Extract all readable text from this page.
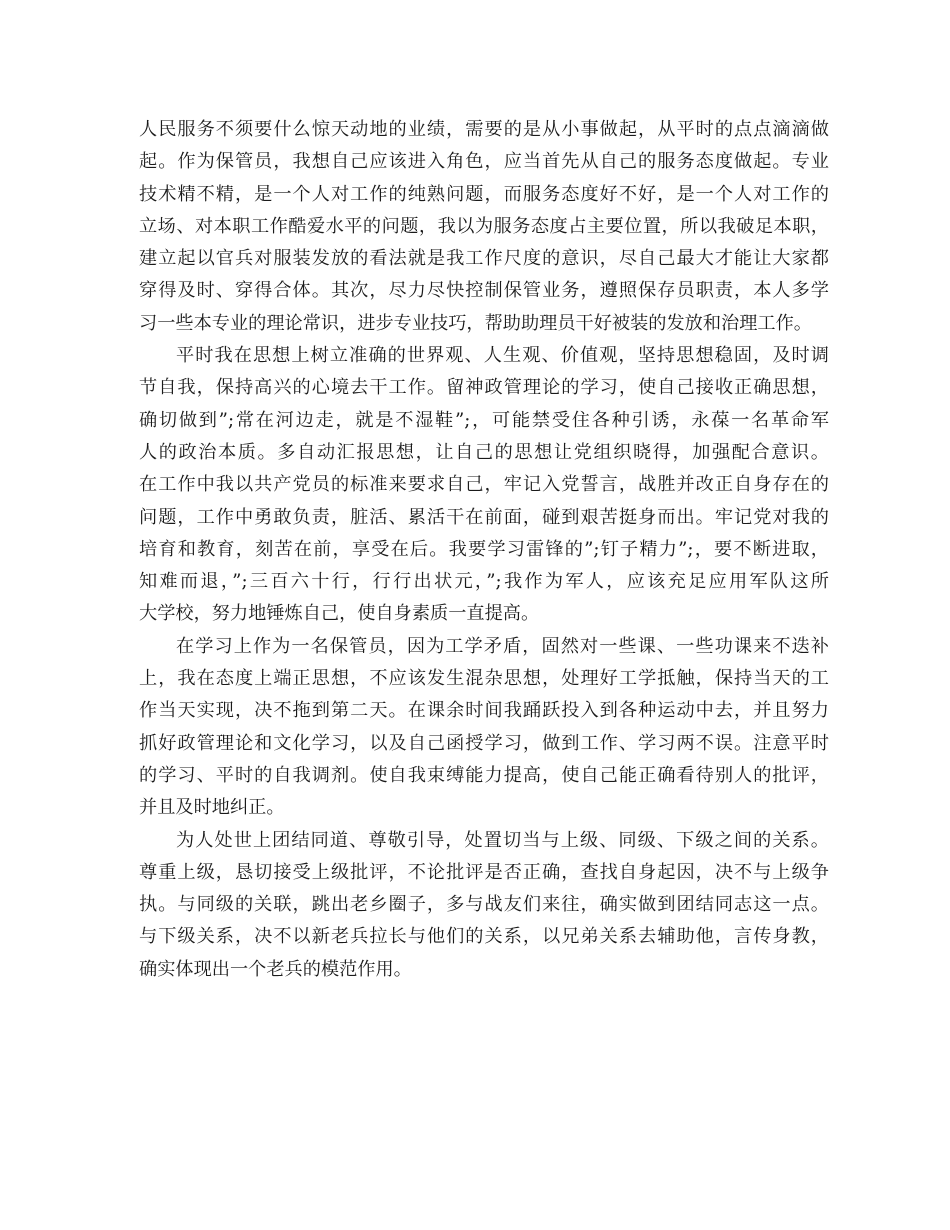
人民服务不须要什么惊天动地的业绩，需要的是从小事做起，从平时的点点滴滴做
起。作为保管员，我想自己应该进入角色，应当首先从自己的服务态度做起。专业
技术精不精，是一个人对工作的纯熟问题，而服务态度好不好，是一个人对工作的
立场、对本职工作酷爱水平的问题，我以为服务态度占主要位置，所以我破足本职，
建立起以官兵对服装发放的看法就是我工作尺度的意识，尽自己最大才能让大家都
穿得及时、穿得合体。其次，尽力尽快控制保管业务，遵照保存员职责，本人多学
习一些本专业的理论常识，进步专业技巧，帮助助理员干好被装的发放和治理工作。
平时我在思想上树立准确的世界观、人生观、价值观，坚持思想稳固，及时调
节自我，保持高兴的心境去干工作。留神政管理论的学习，使自己接收正确思想，
确切做到”;常在河边走，就是不湿鞋”;，可能禁受住各种引诱，永葆一名革命军
人的政治本质。多自动汇报思想，让自己的思想让党组织晓得，加强配合意识。
在工作中我以共产党员的标准来要求自己，牢记入党誓言，战胜并改正自身存在的
问题，工作中勇敢负责，脏活、累活干在前面，碰到艰苦挺身而出。牢记党对我的
培育和教育，刻苦在前，享受在后。我要学习雷锋的”;钉子精力”;，要不断进取，
知难而退，”;三百六十行，行行出状元，”;我作为军人，应该充足应用军队这所
大学校，努力地锤炼自己，使自身素质一直提高。
在学习上作为一名保管员，因为工学矛盾，固然对一些课、一些功课来不迭补
上，我在态度上端正思想，不应该发生混杂思想，处理好工学抵触，保持当天的工
作当天实现，决不拖到第二天。在课余时间我踊跃投入到各种运动中去，并且努力
抓好政管理论和文化学习，以及自己函授学习，做到工作、学习两不误。注意平时
的学习、平时的自我调剂。使自我束缚能力提高，使自己能正确看待别人的批评，
并且及时地纠正。
为人处世上团结同道、尊敬引导，处置切当与上级、同级、下级之间的关系。
尊重上级，恳切接受上级批评，不论批评是否正确，查找自身起因，决不与上级争
执。与同级的关联，跳出老乡圈子，多与战友们来往，确实做到团结同志这一点。
与下级关系，决不以新老兵拉长与他们的关系，以兄弟关系去辅助他，言传身教，
确实体现出一个老兵的模范作用。
